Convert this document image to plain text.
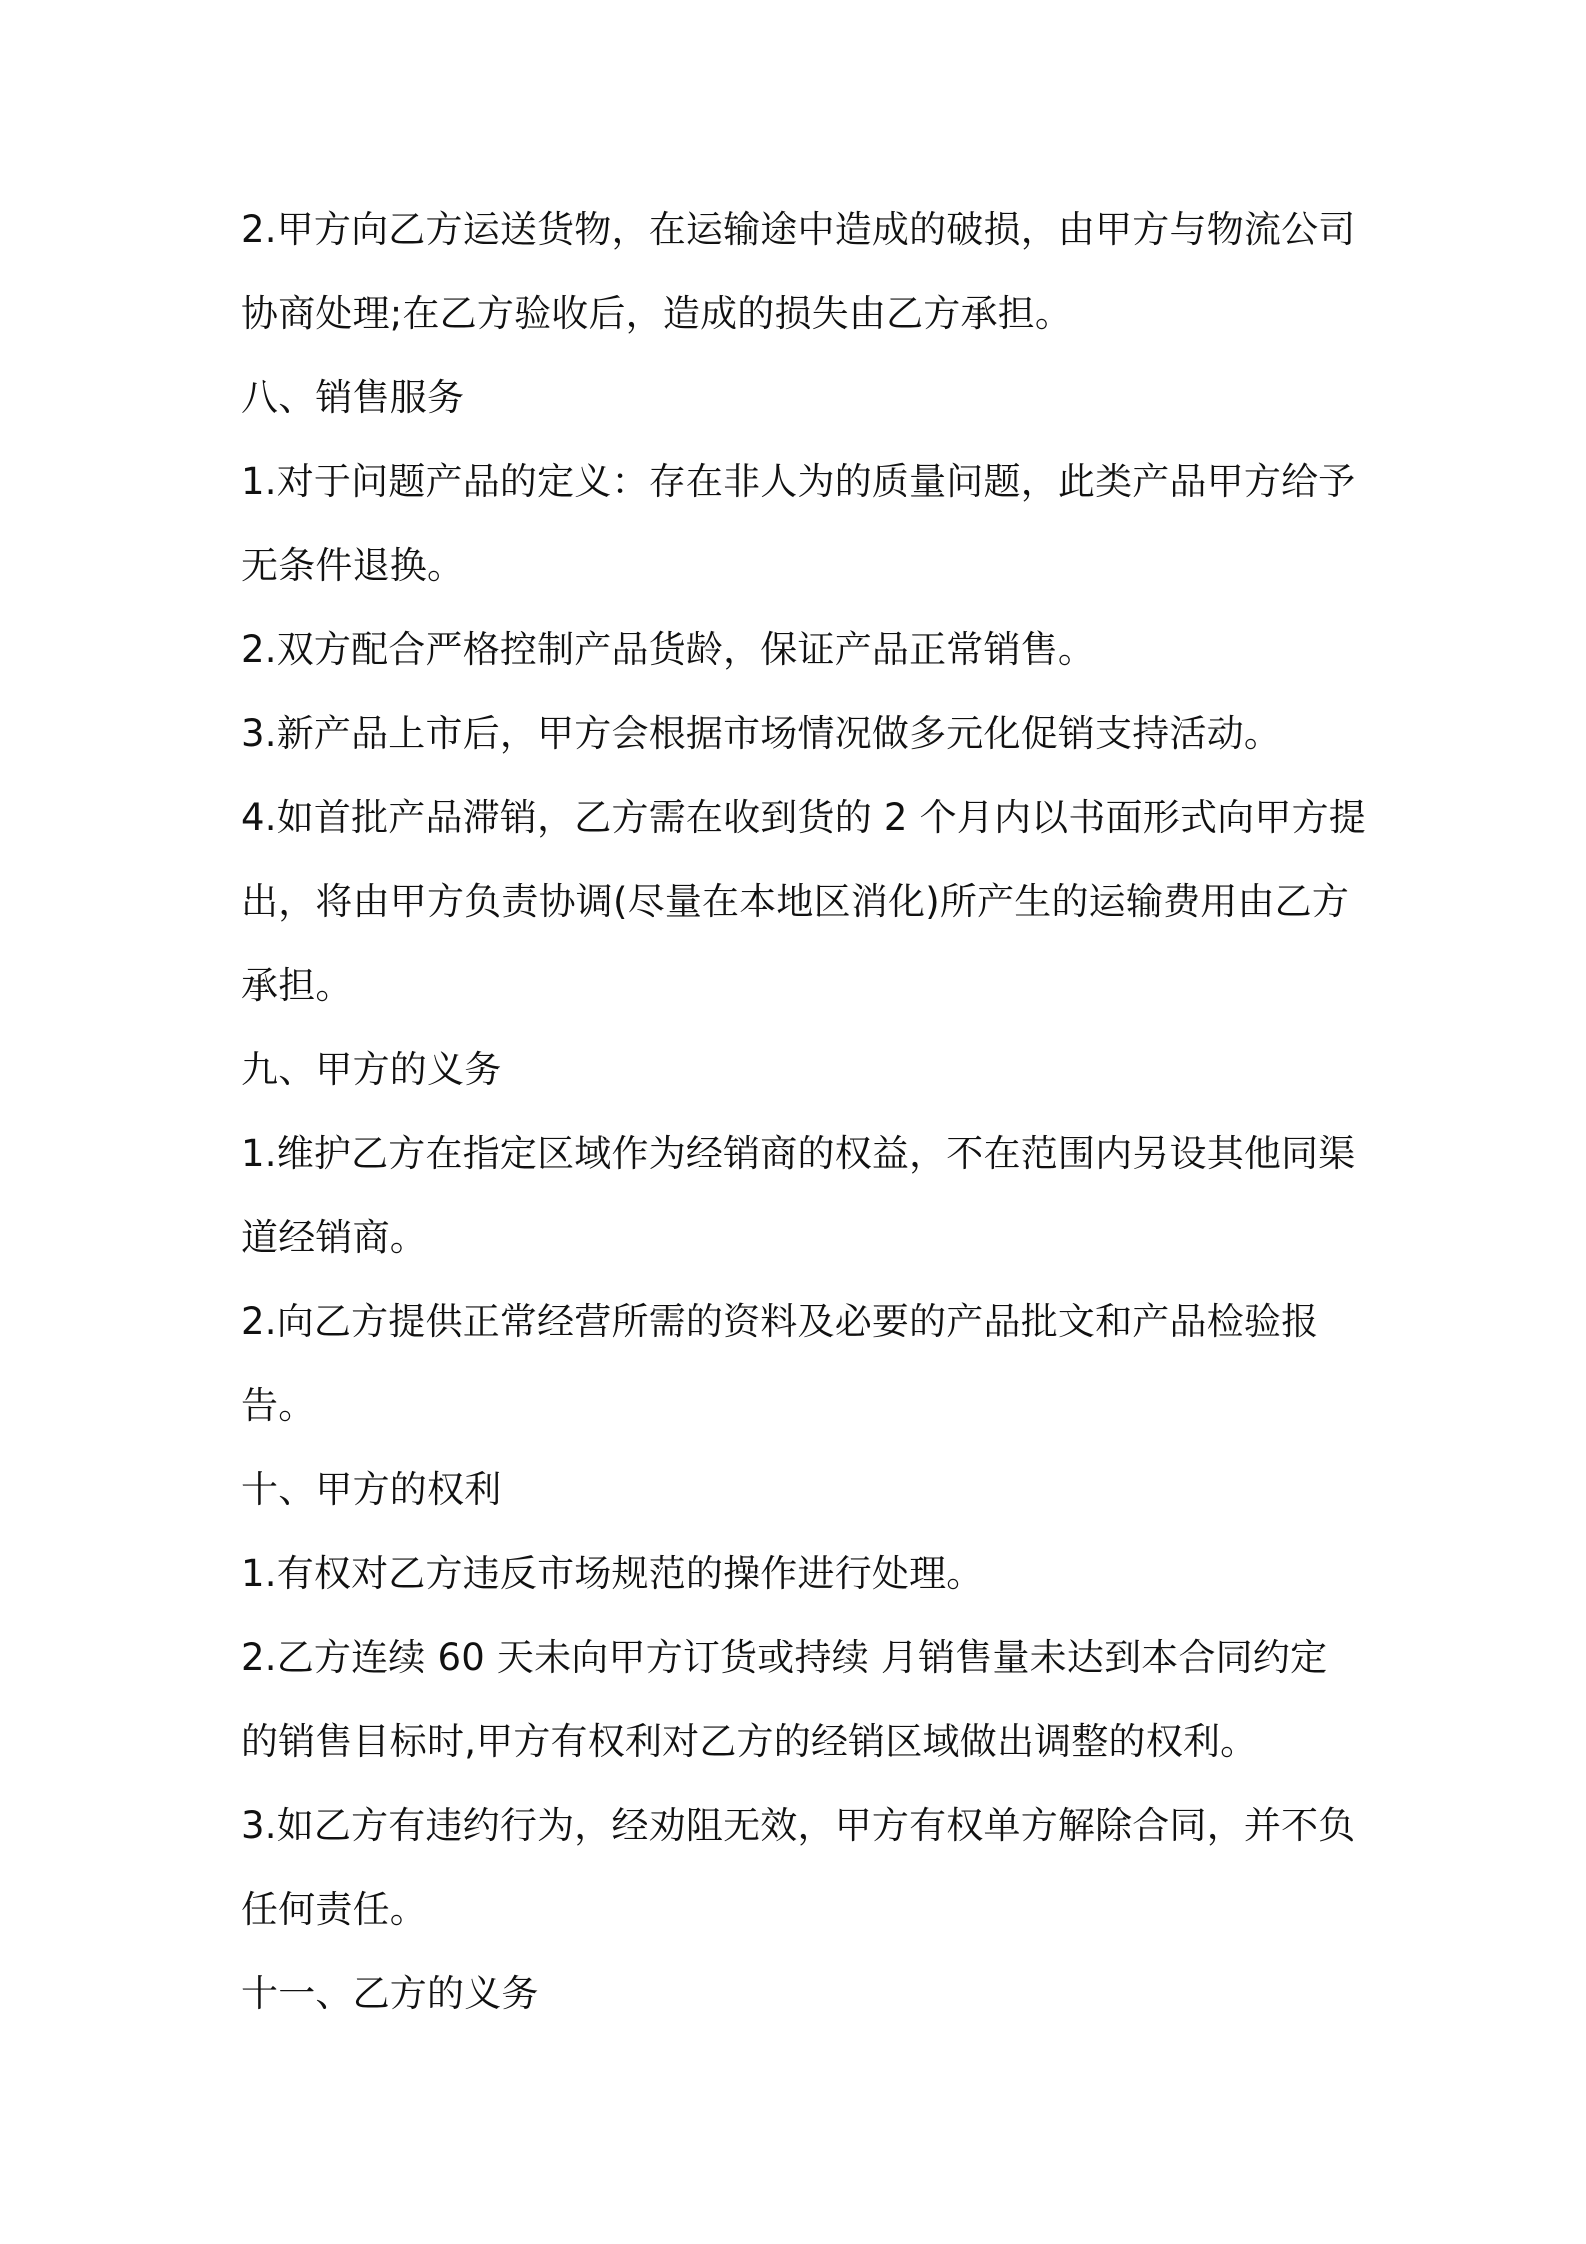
2.甲方向乙方运送货物，在运输途中造成的破损，由甲方与物流公司
协商处理;在乙方验收后，造成的损失由乙方承担。
八、销售服务
1.对于问题产品的定义：存在非人为的质量问题，此类产品甲方给予
无条件退换。
2.双方配合严格控制产品货龄，保证产品正常销售。
3.新产品上市后，甲方会根据市场情况做多元化促销支持活动。
4.如首批产品滞销，乙方需在收到货的 2 个月内以书面形式向甲方提
出，将由甲方负责协调(尽量在本地区消化)所产生的运输费用由乙方
承担。
九、甲方的义务
1.维护乙方在指定区域作为经销商的权益，不在范围内另设其他同渠
道经销商。
2.向乙方提供正常经营所需的资料及必要的产品批文和产品检验报
告。
十、甲方的权利
1.有权对乙方违反市场规范的操作进行处理。
2.乙方连续 60 天未向甲方订货或持续 月销售量未达到本合同约定
的销售目标时,甲方有权利对乙方的经销区域做出调整的权利。
3.如乙方有违约行为，经劝阻无效，甲方有权单方解除合同，并不负
任何责任。
十一、乙方的义务
